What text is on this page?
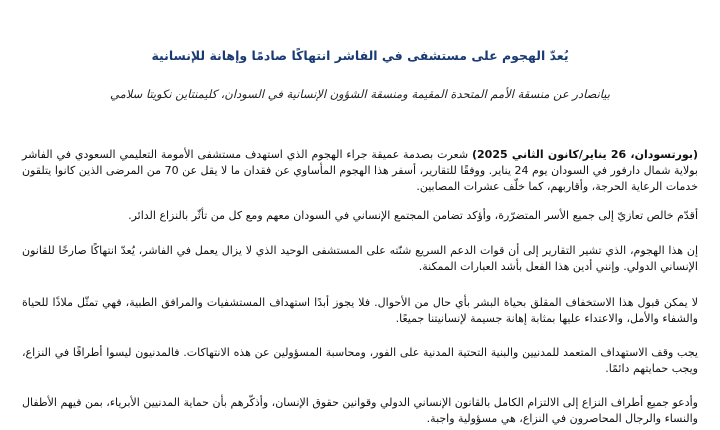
يُعدّ الهجوم على مستشفى في الفاشر انتهاكًا صادمًا وإهانة للإنسانية
بيانصادر عن منسقة الأمم المتحدة المقيمة ومنسقة الشؤون الإنسانية في السودان، كليمنتاين نكويتا سلامي

(بورتسودان، 26 يناير/كانون الثاني 2025) شعرت بصدمة عميقة جراء الهجوم الذي استهدف مستشفى الأمومة التعليمي السعودي في الفاشر بولاية شمال دارفور في السودان يوم 24 يناير. ووفقًا للتقارير، أسفر هذا الهجوم المأساوي عن فقدان ما لا يقل عن 70 من المرضى الذين كانوا يتلقون خدمات الرعاية الحرجة، وأقاربهم، كما خلّف عشرات المصابين.

أقدّم خالص تعازيّ إلى جميع الأسر المتضرّرة، وأؤكد تضامن المجتمع الإنساني في السودان معهم ومع كل من تأثّر بالنزاع الدائر.

إن هذا الهجوم، الذي تشير التقارير إلى أن قوات الدعم السريع شنّته على المستشفى الوحيد الذي لا يزال يعمل في الفاشر، يُعدّ انتهاكًا صارخًا للقانون الإنساني الدولي. وإنني أدين هذا الفعل بأشد العبارات الممكنة.

لا يمكن قبول هذا الاستخفاف المقلق بحياة البشر بأي حال من الأحوال. فلا يجوز أبدًا استهداف المستشفيات والمرافق الطبية، فهي تمثّل ملاذًا للحياة والشفاء والأمل، والاعتداء عليها بمثابة إهانة جسيمة لإنسانيتنا جميعًا.

يجب وقف الاستهداف المتعمد للمدنيين والبنية التحتية المدنية على الفور، ومحاسبة المسؤولين عن هذه الانتهاكات. فالمدنيون ليسوا أطرافًا في النزاع، ويجب حمايتهم دائمًا.

وأدعو جميع أطراف النزاع إلى الالتزام الكامل بالقانون الإنساني الدولي وقوانين حقوق الإنسان، وأذكّرهم بأن حماية المدنيين الأبرياء، بمن فيهم الأطفال والنساء والرجال المحاصرون في النزاع، هي مسؤولية واجبة.
